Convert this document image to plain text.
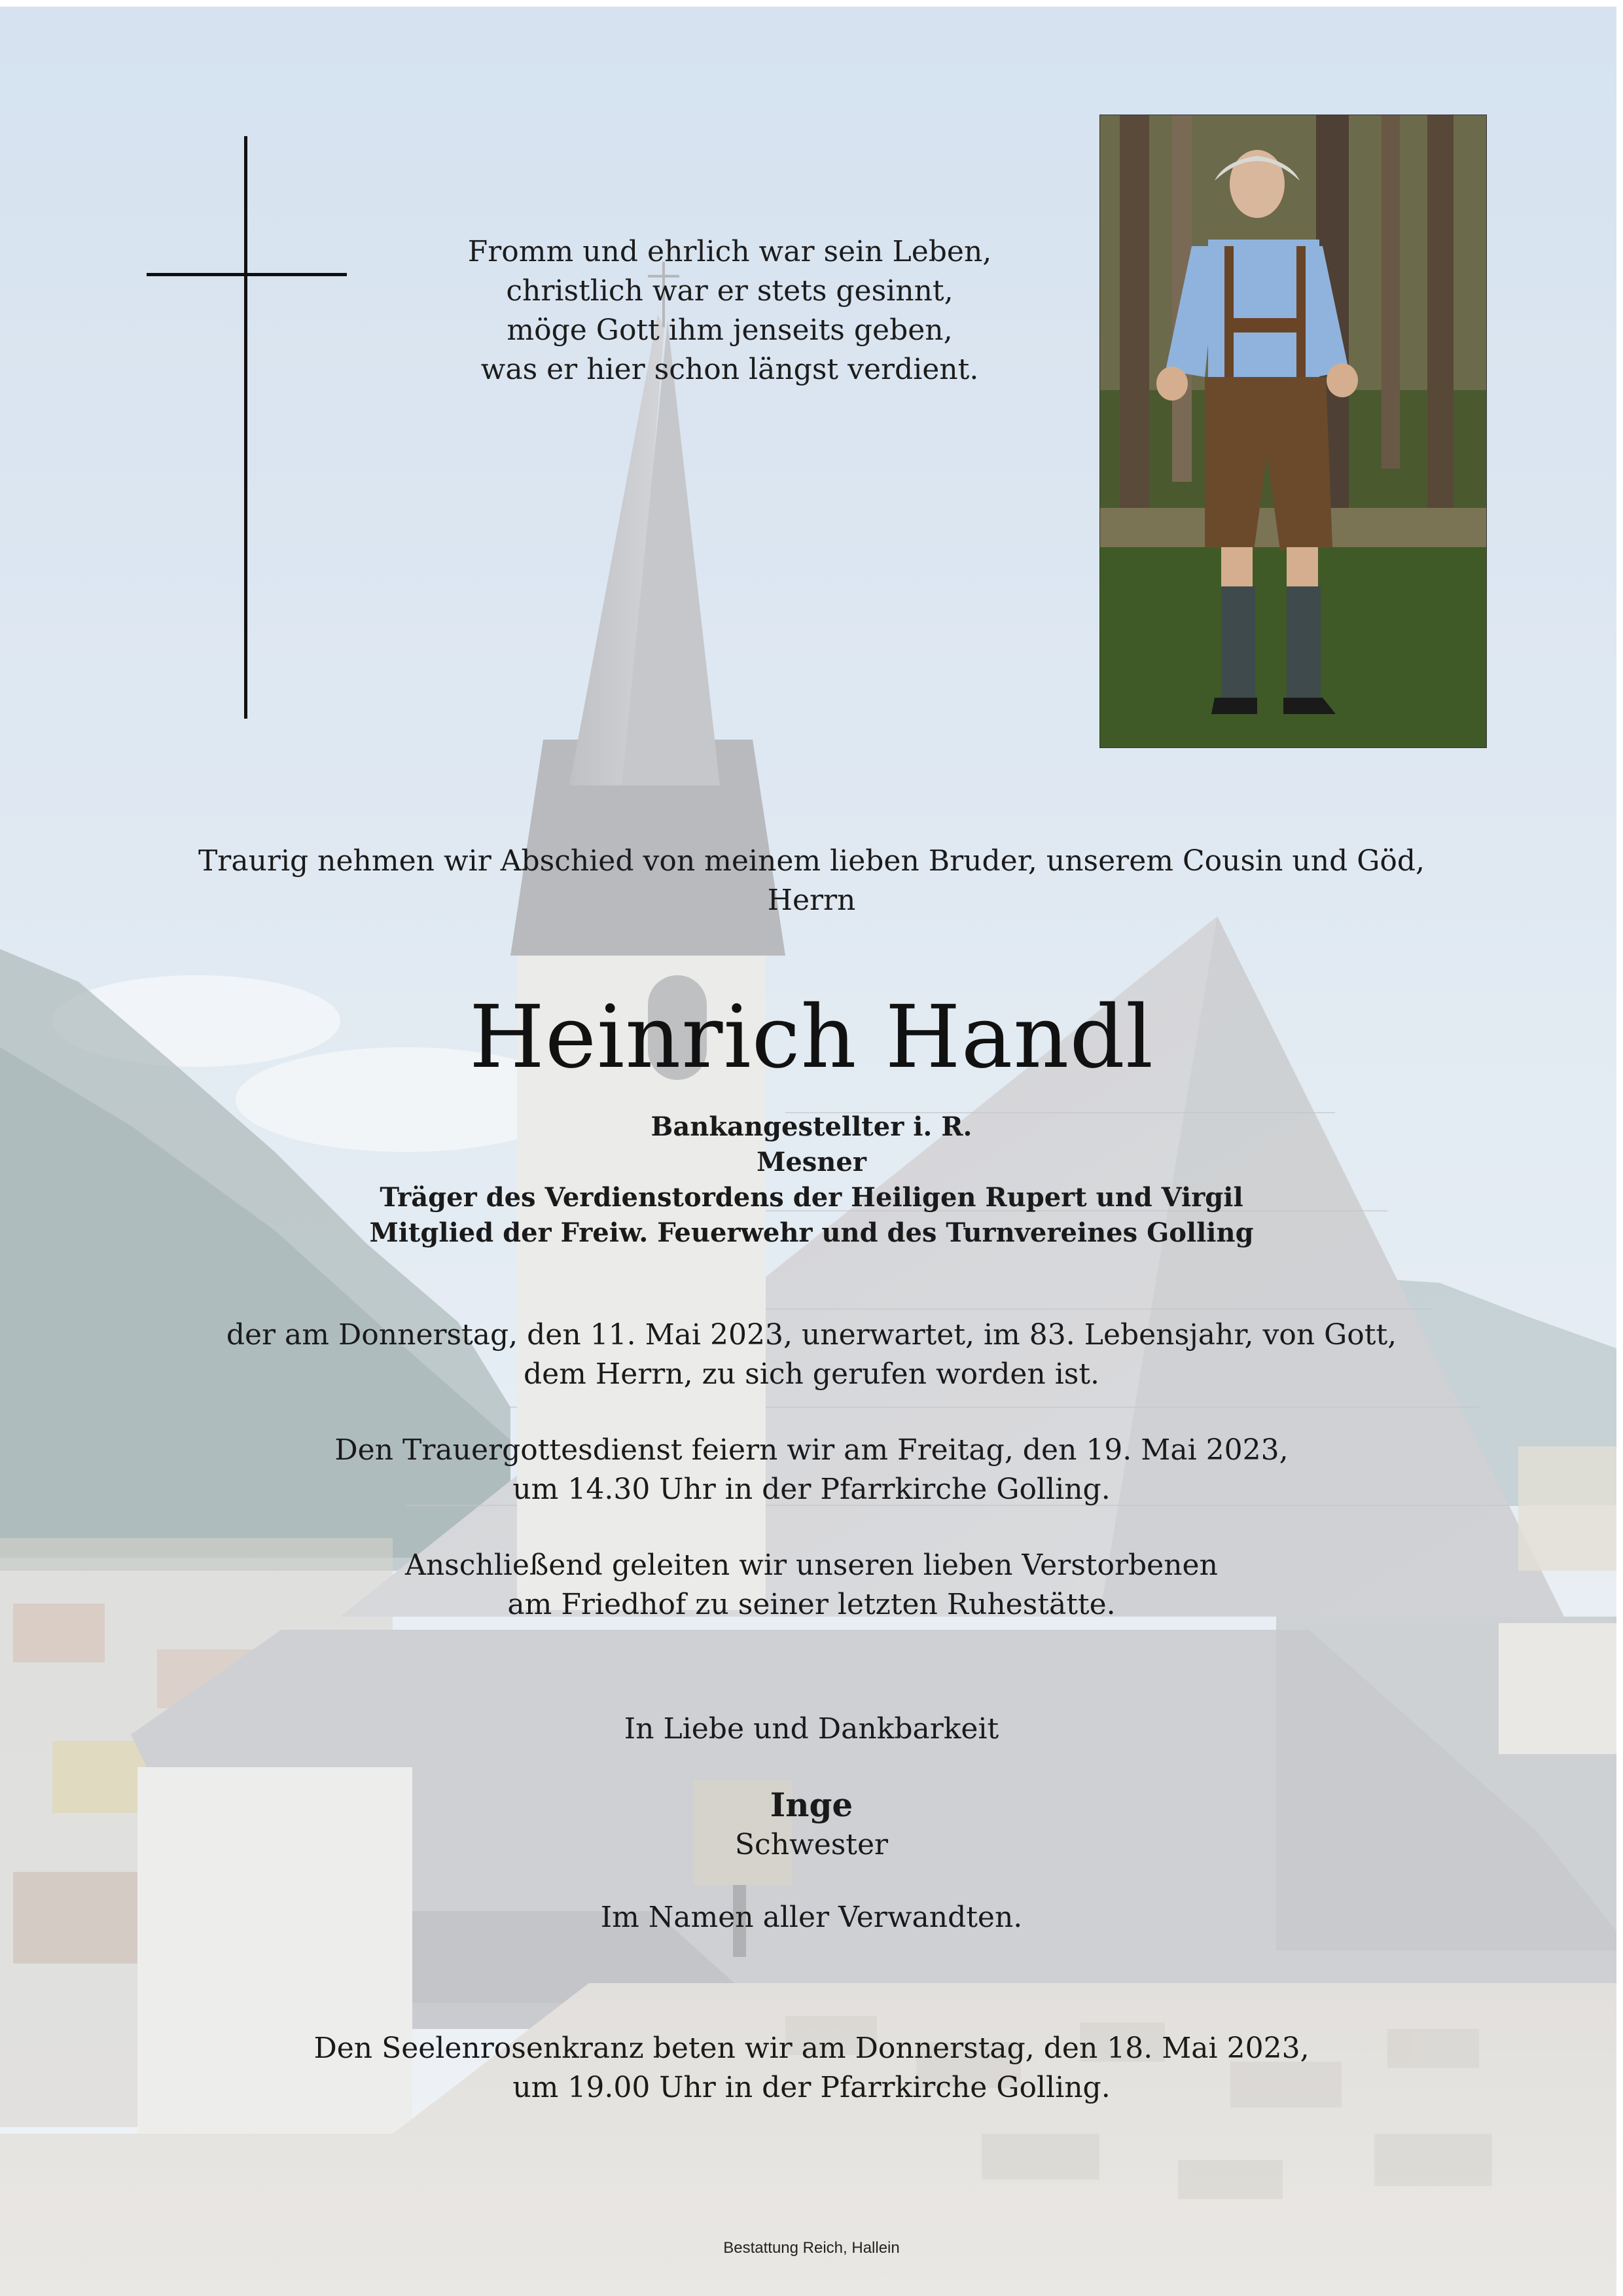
Fromm und ehrlich war sein Leben,
christlich war er stets gesinnt,
möge Gott ihm jenseits geben,
was er hier schon längst verdient.
Traurig nehmen wir Abschied von meinem lieben Bruder, unserem Cousin und Göd,
Herrn
Heinrich Handl
Bankangestellter i. R.
Mesner
Träger des Verdienstordens der Heiligen Rupert und Virgil
Mitglied der Freiw. Feuerwehr und des Turnvereines Golling
der am Donnerstag, den 11. Mai 2023, unerwartet, im 83. Lebensjahr, von Gott,
dem Herrn, zu sich gerufen worden ist.
Den Trauergottesdienst feiern wir am Freitag, den 19. Mai 2023,
um 14.30 Uhr in der Pfarrkirche Golling.
Anschließend geleiten wir unseren lieben Verstorbenen
am Friedhof zu seiner letzten Ruhestätte.
In Liebe und Dankbarkeit
Inge
Schwester
Im Namen aller Verwandten.
Den Seelenrosenkranz beten wir am Donnerstag, den 18. Mai 2023,
um 19.00 Uhr in der Pfarrkirche Golling.
Bestattung Reich, Hallein
